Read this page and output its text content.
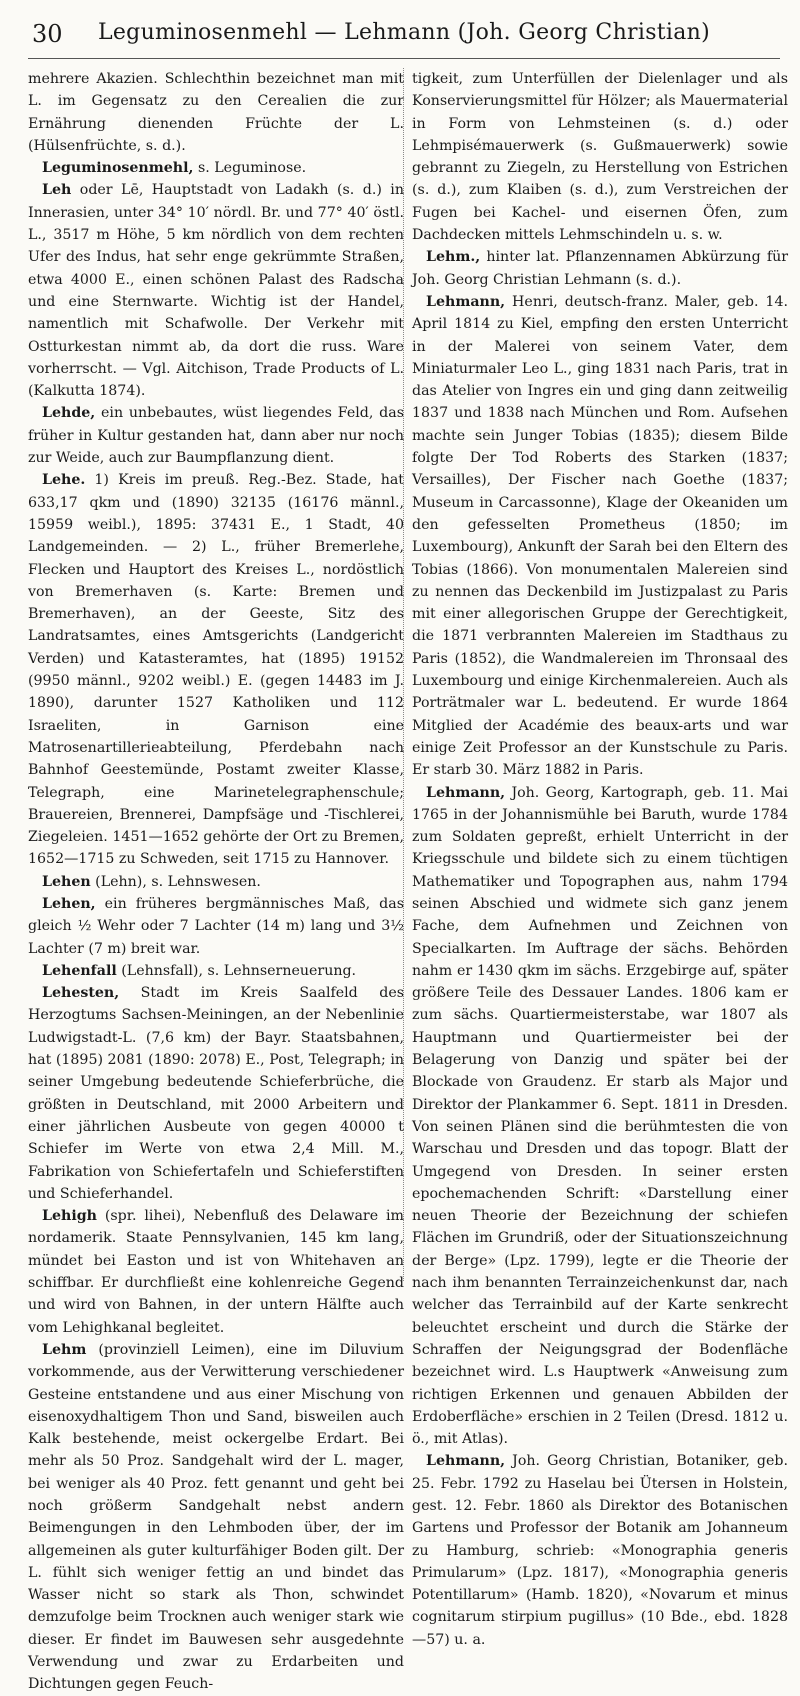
30	Leguminosenmehl — Lehmann (Joh. Georg Christian)

mehrere Akazien. Schlechthin bezeichnet man mit L. im Gegensatz zu den Cerealien die zur Ernährung dienenden Früchte der L. (Hülsenfrüchte, s. d.).

Leguminosenmehl, s. Leguminose.

Leh oder Lē, Hauptstadt von Ladakh (s. d.) in Innerasien, unter 34° 10′ nördl. Br. und 77° 40′ östl. L., 3517 m Höhe, 5 km nördlich von dem rechten Ufer des Indus, hat sehr enge gekrümmte Straßen, etwa 4000 E., einen schönen Palast des Radscha und eine Sternwarte. Wichtig ist der Handel, namentlich mit Schafwolle. Der Verkehr mit Ostturkestan nimmt ab, da dort die russ. Ware vorherrscht. — Vgl. Aitchison, Trade Products of L. (Kalkutta 1874).

Lehde, ein unbebautes, wüst liegendes Feld, das früher in Kultur gestanden hat, dann aber nur noch zur Weide, auch zur Baumpflanzung dient.

Lehe. 1) Kreis im preuß. Reg.-Bez. Stade, hat 633,17 qkm und (1890) 32135 (16176 männl., 15959 weibl.), 1895: 37431 E., 1 Stadt, 40 Landgemeinden. — 2) L., früher Bremerlehe, Flecken und Hauptort des Kreises L., nordöstlich von Bremerhaven (s. Karte: Bremen und Bremerhaven), an der Geeste, Sitz des Landratsamtes, eines Amtsgerichts (Landgericht Verden) und Katasteramtes, hat (1895) 19152 (9950 männl., 9202 weibl.) E. (gegen 14483 im J. 1890), darunter 1527 Katholiken und 112 Israeliten, in Garnison eine Matrosenartillerieabteilung, Pferdebahn nach Bahnhof Geestemünde, Postamt zweiter Klasse, Telegraph, eine Marinetelegraphenschule; Brauereien, Brennerei, Dampfsäge und -Tischlerei, Ziegeleien. 1451—1652 gehörte der Ort zu Bremen, 1652—1715 zu Schweden, seit 1715 zu Hannover.

Lehen (Lehn), s. Lehnswesen.

Lehen, ein früheres bergmännisches Maß, das gleich ½ Wehr oder 7 Lachter (14 m) lang und 3½ Lachter (7 m) breit war.

Lehenfall (Lehnsfall), s. Lehnserneuerung.

Lehesten, Stadt im Kreis Saalfeld des Herzogtums Sachsen-Meiningen, an der Nebenlinie Ludwigstadt-L. (7,6 km) der Bayr. Staatsbahnen, hat (1895) 2081 (1890: 2078) E., Post, Telegraph; in seiner Umgebung bedeutende Schieferbrüche, die größten in Deutschland, mit 2000 Arbeitern und einer jährlichen Ausbeute von gegen 40000 t Schiefer im Werte von etwa 2,4 Mill. M., Fabrikation von Schiefertafeln und Schieferstiften und Schieferhandel.

Lehigh (spr. lihei), Nebenfluß des Delaware im nordamerik. Staate Pennsylvanien, 145 km lang, mündet bei Easton und ist von Whitehaven an schiffbar. Er durchfließt eine kohlenreiche Gegend und wird von Bahnen, in der untern Hälfte auch vom Lehighkanal begleitet.

Lehm (provinziell Leimen), eine im Diluvium vorkommende, aus der Verwitterung verschiedener Gesteine entstandene und aus einer Mischung von eisenoxydhaltigem Thon und Sand, bisweilen auch Kalk bestehende, meist ockergelbe Erdart. Bei mehr als 50 Proz. Sandgehalt wird der L. mager, bei weniger als 40 Proz. fett genannt und geht bei noch größerm Sandgehalt nebst andern Beimengungen in den Lehmboden über, der im allgemeinen als guter kulturfähiger Boden gilt. Der L. fühlt sich weniger fettig an und bindet das Wasser nicht so stark als Thon, schwindet demzufolge beim Trocknen auch weniger stark wie dieser. Er findet im Bauwesen sehr ausgedehnte Verwendung und zwar zu Erdarbeiten und Dichtungen gegen Feuch-

tigkeit, zum Unterfüllen der Dielenlager und als Konservierungsmittel für Hölzer; als Mauermaterial in Form von Lehmsteinen (s. d.) oder Lehmpisémauerwerk (s. Gußmauerwerk) sowie gebrannt zu Ziegeln, zu Herstellung von Estrichen (s. d.), zum Klaiben (s. d.), zum Verstreichen der Fugen bei Kachel- und eisernen Öfen, zum Dachdecken mittels Lehmschindeln u. s. w.

Lehm., hinter lat. Pflanzennamen Abkürzung für Joh. Georg Christian Lehmann (s. d.).

Lehmann, Henri, deutsch-franz. Maler, geb. 14. April 1814 zu Kiel, empfing den ersten Unterricht in der Malerei von seinem Vater, dem Miniaturmaler Leo L., ging 1831 nach Paris, trat in das Atelier von Ingres ein und ging dann zeitweilig 1837 und 1838 nach München und Rom. Aufsehen machte sein Junger Tobias (1835); diesem Bilde folgte Der Tod Roberts des Starken (1837; Versailles), Der Fischer nach Goethe (1837; Museum in Carcassonne), Klage der Okeaniden um den gefesselten Prometheus (1850; im Luxembourg), Ankunft der Sarah bei den Eltern des Tobias (1866). Von monumentalen Malereien sind zu nennen das Deckenbild im Justizpalast zu Paris mit einer allegorischen Gruppe der Gerechtigkeit, die 1871 verbrannten Malereien im Stadthaus zu Paris (1852), die Wandmalereien im Thronsaal des Luxembourg und einige Kirchenmalereien. Auch als Porträtmaler war L. bedeutend. Er wurde 1864 Mitglied der Académie des beaux-arts und war einige Zeit Professor an der Kunstschule zu Paris. Er starb 30. März 1882 in Paris.

Lehmann, Joh. Georg, Kartograph, geb. 11. Mai 1765 in der Johannismühle bei Baruth, wurde 1784 zum Soldaten gepreßt, erhielt Unterricht in der Kriegsschule und bildete sich zu einem tüchtigen Mathematiker und Topographen aus, nahm 1794 seinen Abschied und widmete sich ganz jenem Fache, dem Aufnehmen und Zeichnen von Specialkarten. Im Auftrage der sächs. Behörden nahm er 1430 qkm im sächs. Erzgebirge auf, später größere Teile des Dessauer Landes. 1806 kam er zum sächs. Quartiermeisterstabe, war 1807 als Hauptmann und Quartiermeister bei der Belagerung von Danzig und später bei der Blockade von Graudenz. Er starb als Major und Direktor der Plankammer 6. Sept. 1811 in Dresden. Von seinen Plänen sind die berühmtesten die von Warschau und Dresden und das topogr. Blatt der Umgegend von Dresden. In seiner ersten epochemachenden Schrift: «Darstellung einer neuen Theorie der Bezeichnung der schiefen Flächen im Grundriß, oder der Situationszeichnung der Berge» (Lpz. 1799), legte er die Theorie der nach ihm benannten Terrainzeichenkunst dar, nach welcher das Terrainbild auf der Karte senkrecht beleuchtet erscheint und durch die Stärke der Schraffen der Neigungsgrad der Bodenfläche bezeichnet wird. L.s Hauptwerk «Anweisung zum richtigen Erkennen und genauen Abbilden der Erdoberfläche» erschien in 2 Teilen (Dresd. 1812 u. ö., mit Atlas).

Lehmann, Joh. Georg Christian, Botaniker, geb. 25. Febr. 1792 zu Haselau bei Ütersen in Holstein, gest. 12. Febr. 1860 als Direktor des Botanischen Gartens und Professor der Botanik am Johanneum zu Hamburg, schrieb: «Monographia generis Primularum» (Lpz. 1817), «Monographia generis Potentillarum» (Hamb. 1820), «Novarum et minus cognitarum stirpium pugillus» (10 Bde., ebd. 1828—57) u. a.
